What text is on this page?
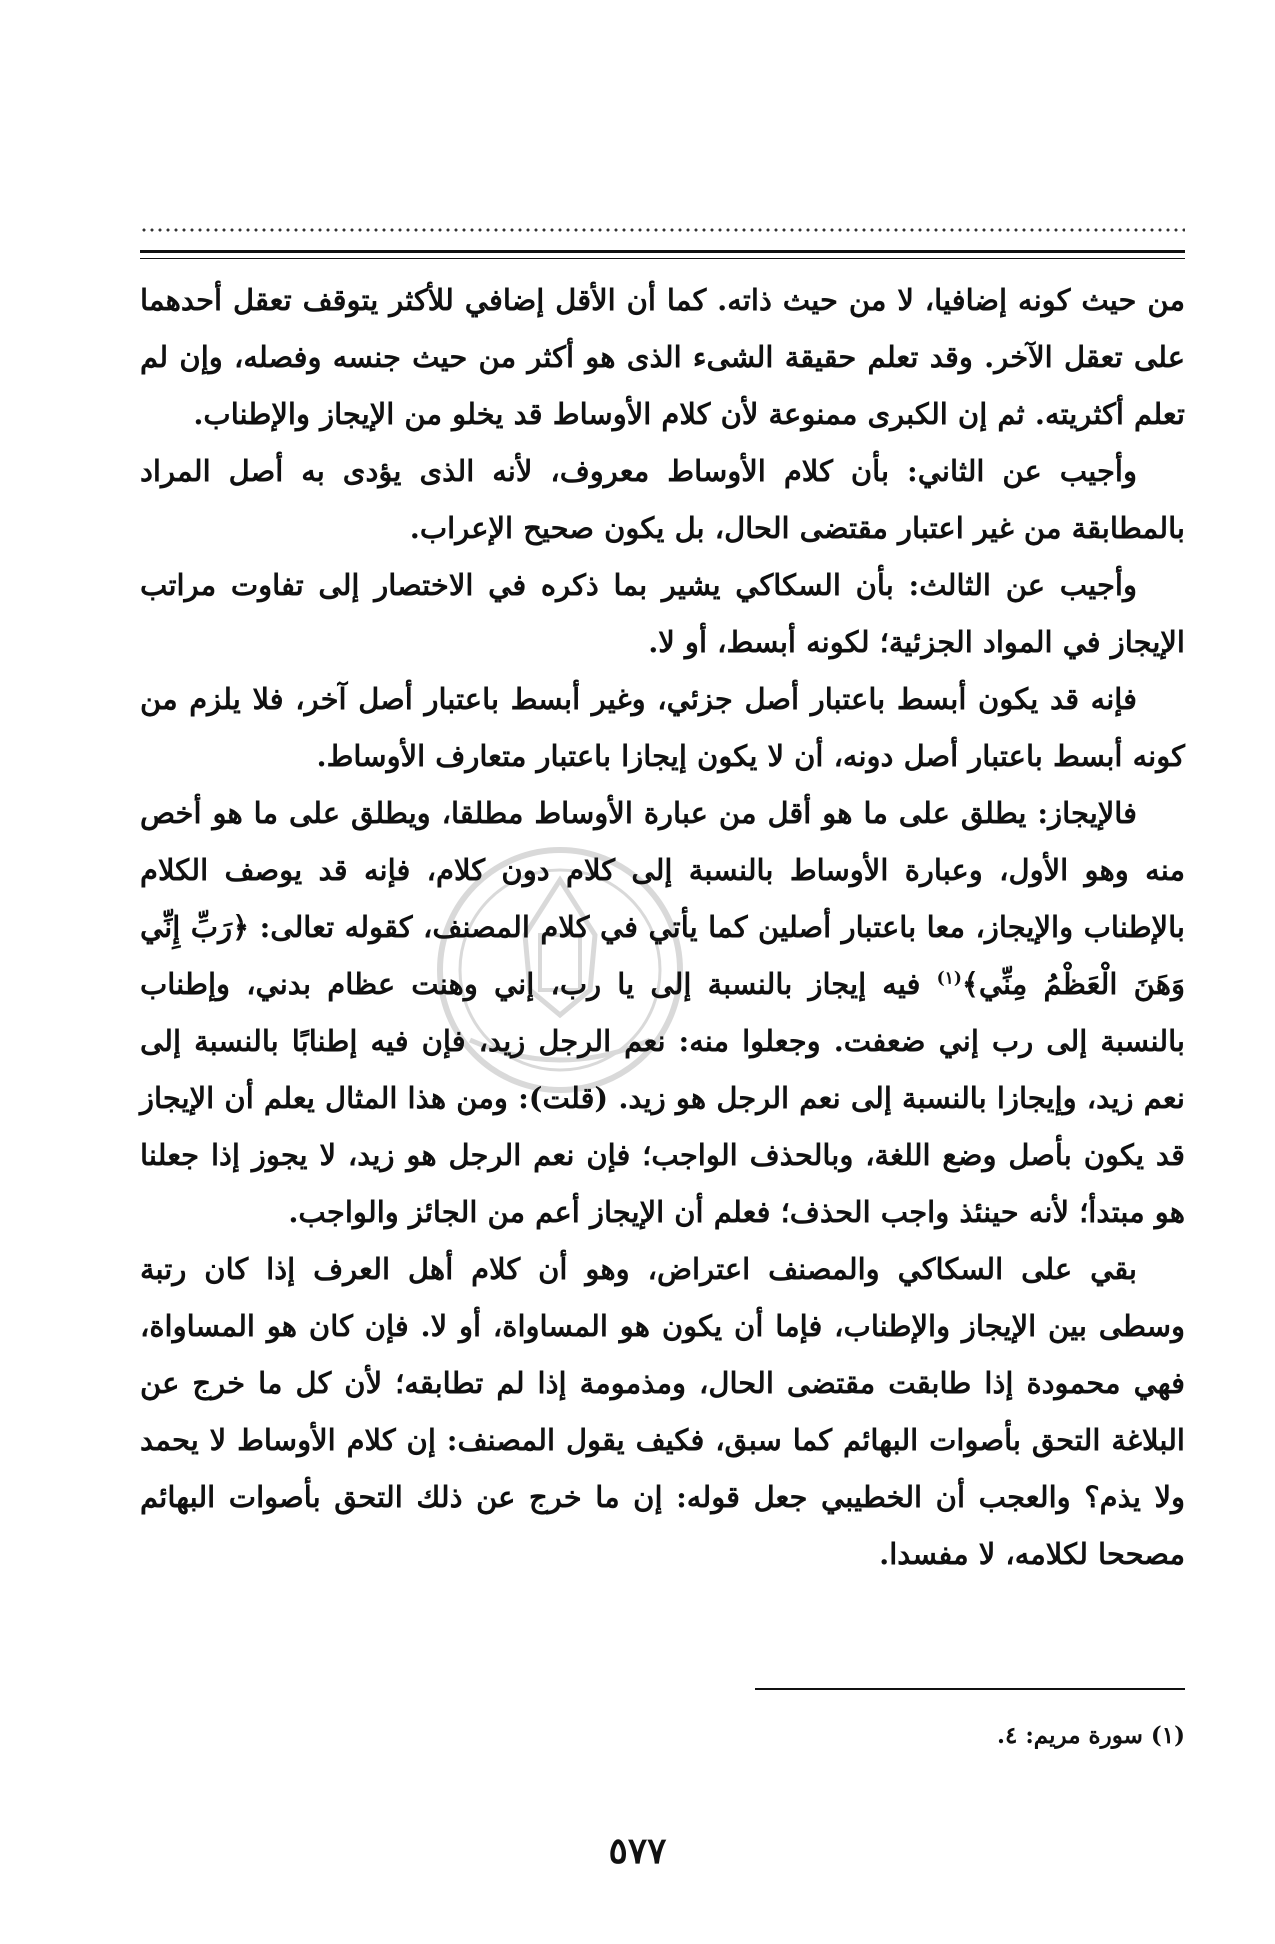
من حيث كونه إضافيا، لا من حيث ذاته. كما أن الأقل إضافي للأكثر يتوقف تعقل أحدهما على تعقل الآخر. وقد تعلم حقيقة الشىء الذى هو أكثر من حيث جنسه وفصله، وإن لم تعلم أكثريته. ثم إن الكبرى ممنوعة لأن كلام الأوساط قد يخلو من الإيجاز والإطناب.

وأجيب عن الثاني: بأن كلام الأوساط معروف، لأنه الذى يؤدى به أصل المراد بالمطابقة من غير اعتبار مقتضى الحال، بل يكون صحيح الإعراب.

وأجيب عن الثالث: بأن السكاكي يشير بما ذكره في الاختصار إلى تفاوت مراتب الإيجاز في المواد الجزئية؛ لكونه أبسط، أو لا.

فإنه قد يكون أبسط باعتبار أصل جزئي، وغير أبسط باعتبار أصل آخر، فلا يلزم من كونه أبسط باعتبار أصل دونه، أن لا يكون إيجازا باعتبار متعارف الأوساط.

فالإيجاز: يطلق على ما هو أقل من عبارة الأوساط مطلقا، ويطلق على ما هو أخص منه وهو الأول، وعبارة الأوساط بالنسبة إلى كلام دون كلام، فإنه قد يوصف الكلام بالإطناب والإيجاز، معا باعتبار أصلين كما يأتي في كلام المصنف، كقوله تعالى: ﴿رَبِّ إِنِّي وَهَنَ الْعَظْمُ مِنِّي﴾$^{(١)}$ فيه إيجاز بالنسبة إلى يا رب، إني وهنت عظام بدني، وإطناب بالنسبة إلى رب إني ضعفت. وجعلوا منه: نعم الرجل زيد، فإن فيه إطنابًا بالنسبة إلى نعم زيد، وإيجازا بالنسبة إلى نعم الرجل هو زيد. (قلت): ومن هذا المثال يعلم أن الإيجاز قد يكون بأصل وضع اللغة، وبالحذف الواجب؛ فإن نعم الرجل هو زيد، لا يجوز إذا جعلنا هو مبتدأ؛ لأنه حينئذ واجب الحذف؛ فعلم أن الإيجاز أعم من الجائز والواجب.

بقي على السكاكي والمصنف اعتراض، وهو أن كلام أهل العرف إذا كان رتبة وسطى بين الإيجاز والإطناب، فإما أن يكون هو المساواة، أو لا. فإن كان هو المساواة، فهي محمودة إذا طابقت مقتضى الحال، ومذمومة إذا لم تطابقه؛ لأن كل ما خرج عن البلاغة التحق بأصوات البهائم كما سبق، فكيف يقول المصنف: إن كلام الأوساط لا يحمد ولا يذم؟ والعجب أن الخطيبي جعل قوله: إن ما خرج عن ذلك التحق بأصوات البهائم مصححا لكلامه، لا مفسدا.

(١) سورة مريم: ٤.
٥٧٧
